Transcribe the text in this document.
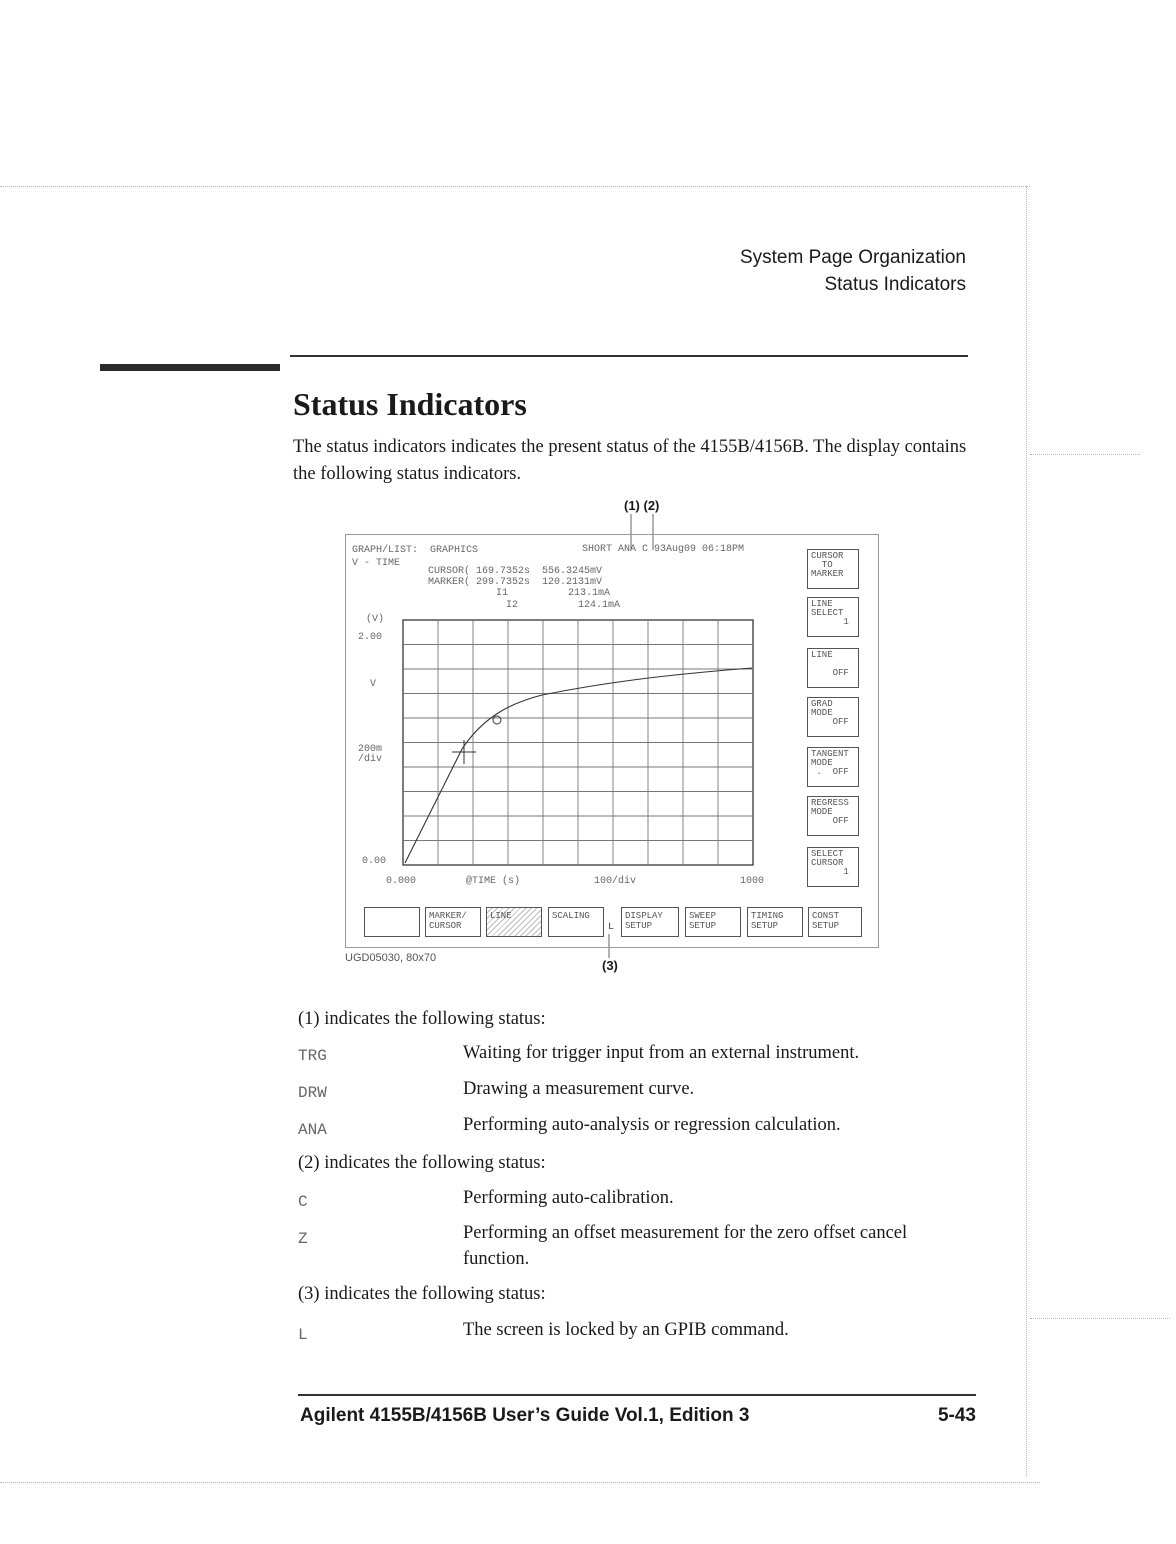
System Page Organization
Status Indicators
Status Indicators

The status indicators indicates the present status of the 4155B/4156B. The display contains the following status indicators.

(1) (2)
(3)
UGD05030, 80x70
GRAPH/LIST:  GRAPHICS	SHORT ANA C 93Aug09 06:18PM
V - TIME
CURSOR( 169.7352s  556.3245mV
MARKER( 299.7352s  120.2131mV
I1          213.1mA
I2          124.1mA
(V)
2.00
V
200m
/div
0.00
0.000	@TIME (s)	100/div	1000
CURSOR
TO
MARKER
LINE
SELECT
1
LINE

OFF
GRAD
MODE
OFF
TANGENT
MODE
.  OFF
REGRESS
MODE
OFF
SELECT
CURSOR
1
MARKER/
CURSOR
LINE	SCALING
L
DISPLAY
SETUP
SWEEP
SETUP
TIMING
SETUP
CONST
SETUP
(1) indicates the following status:
TRG	Waiting for trigger input from an external instrument.
DRW	Drawing a measurement curve.
ANA	Performing auto-analysis or regression calculation.
(2) indicates the following status:
C	Performing auto-calibration.
Z	Performing an offset measurement for the zero offset cancel function.
(3) indicates the following status:
L	The screen is locked by an GPIB command.
Agilent 4155B/4156B User’s Guide Vol.1, Edition 3	5-43
